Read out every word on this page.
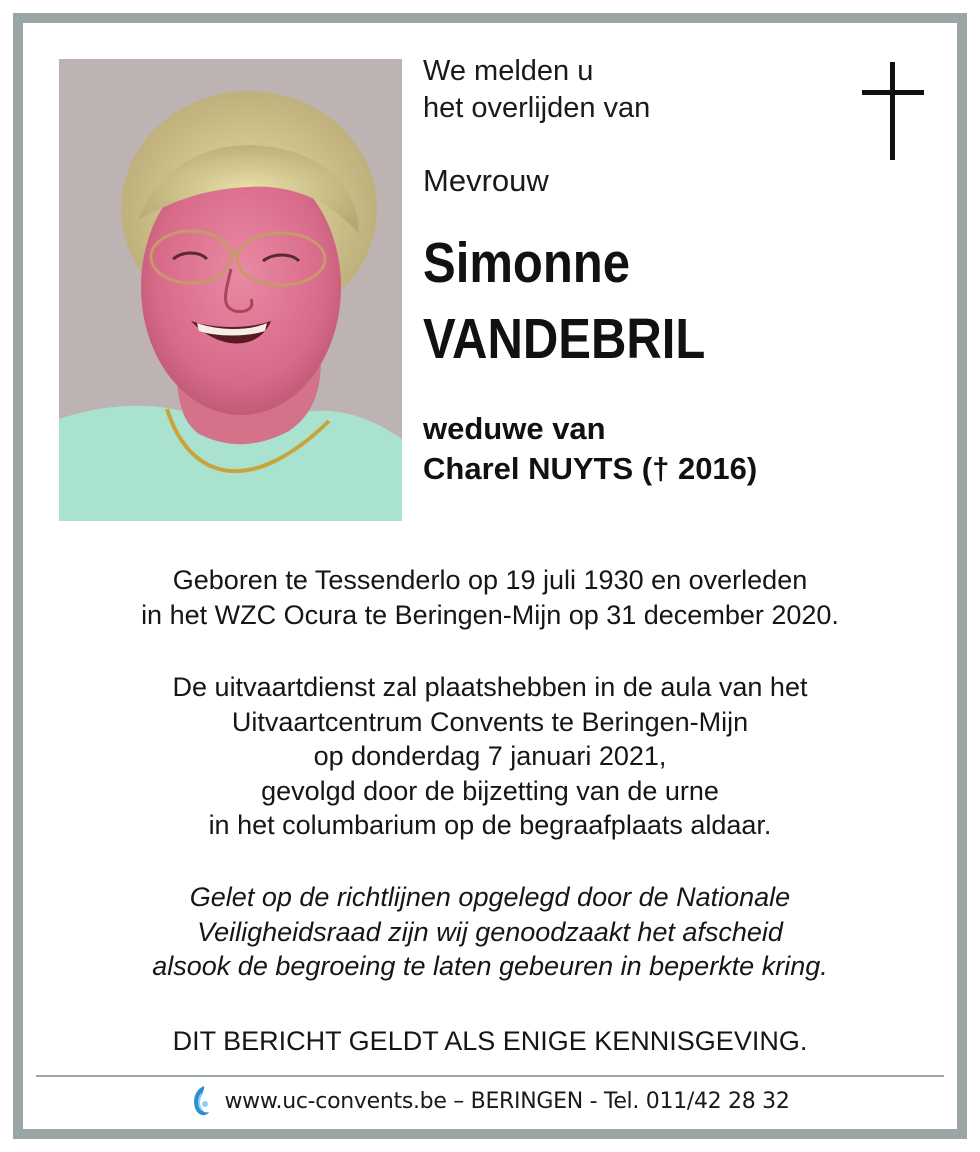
We melden u
het overlijden van
Mevrouw
Simonne
VANDEBRIL
weduwe van
Charel NUYTS († 2016)
Geboren te Tessenderlo op 19 juli 1930 en overleden
in het WZC Ocura te Beringen-Mijn op 31 december 2020.
De uitvaartdienst zal plaatshebben in de aula van het
Uitvaartcentrum Convents te Beringen-Mijn
op donderdag 7 januari 2021,
gevolgd door de bijzetting van de urne
in het columbarium op de begraafplaats aldaar.
Gelet op de richtlijnen opgelegd door de Nationale
Veiligheidsraad zijn wij genoodzaakt het afscheid
alsook de begroeing te laten gebeuren in beperkte kring.
DIT BERICHT GELDT ALS ENIGE KENNISGEVING.
www.uc-convents.be – BERINGEN - Tel. 011/42 28 32
